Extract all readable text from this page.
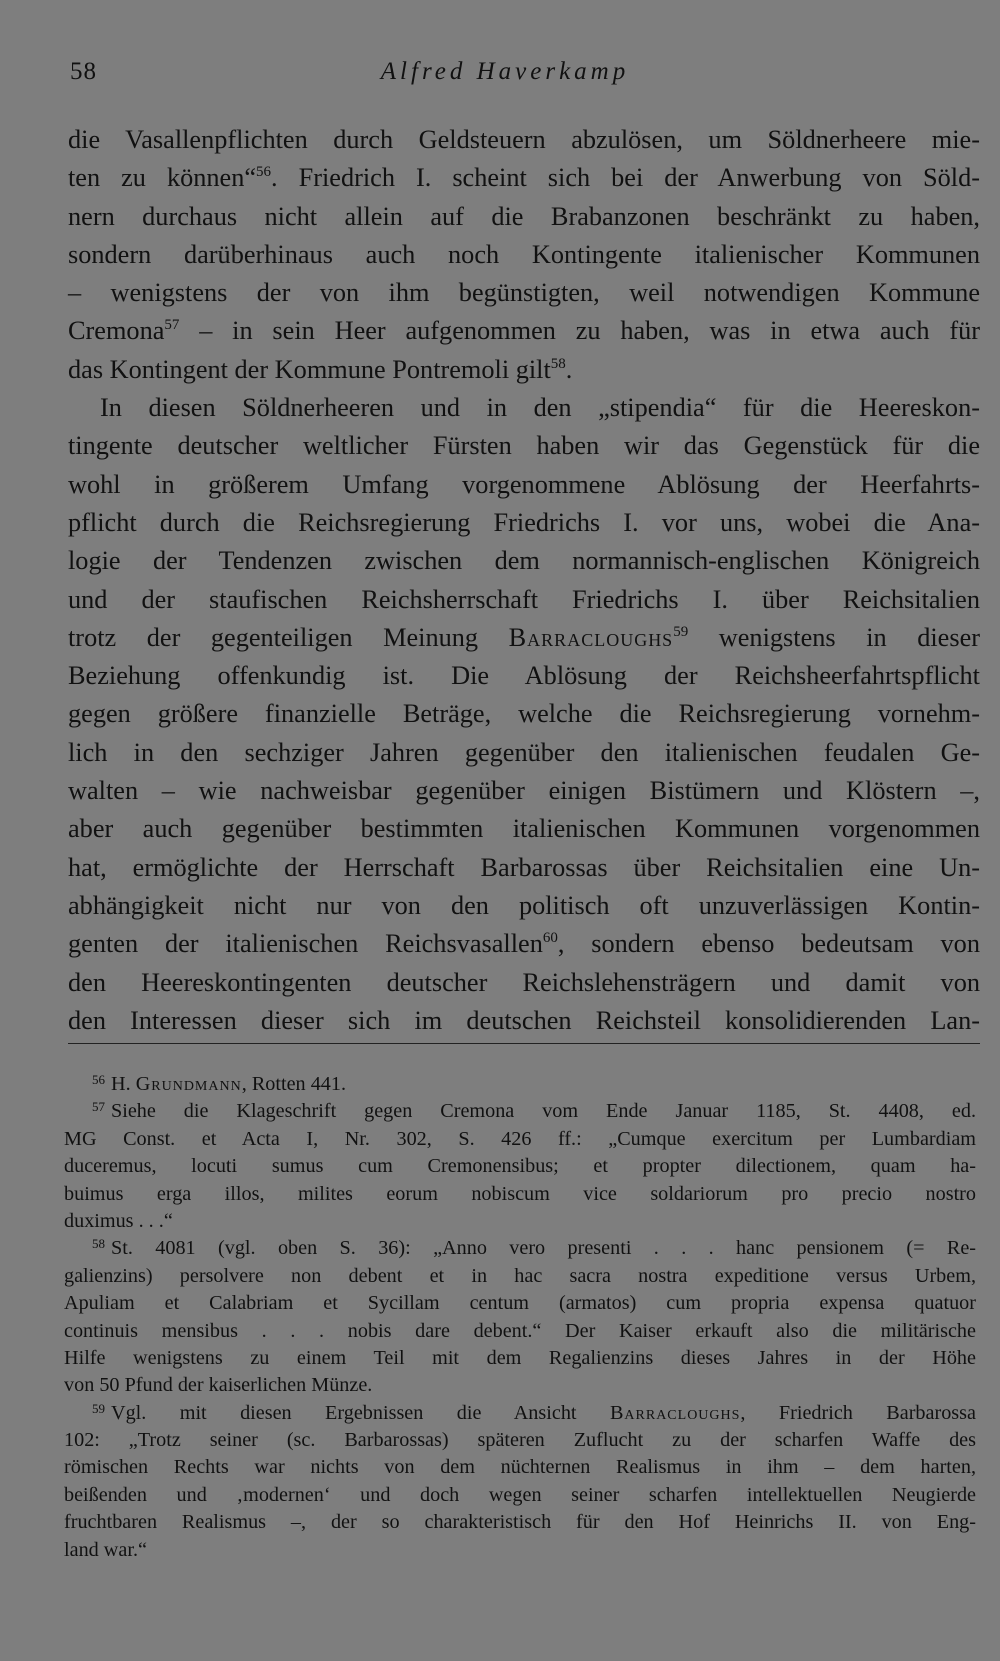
58	Alfred Haverkamp
die Vasallenpflichten durch Geldsteuern abzulösen, um Söldnerheere mie-
ten zu können“$^{56}$. Friedrich I. scheint sich bei der Anwerbung von Söld-
nern durchaus nicht allein auf die Brabanzonen beschränkt zu haben,
sondern darüberhinaus auch noch Kontingente italienischer Kommunen
– wenigstens der von ihm begünstigten, weil notwendigen Kommune
Cremona$^{57}$ – in sein Heer aufgenommen zu haben, was in etwa auch für
das Kontingent der Kommune Pontremoli gilt$^{58}$.
In diesen Söldnerheeren und in den „stipendia“ für die Heereskon-
tingente deutscher weltlicher Fürsten haben wir das Gegenstück für die
wohl in größerem Umfang vorgenommene Ablösung der Heerfahrts-
pflicht durch die Reichsregierung Friedrichs I. vor uns, wobei die Ana-
logie der Tendenzen zwischen dem normannisch-englischen Königreich
und der staufischen Reichsherrschaft Friedrichs I. über Reichsitalien
trotz der gegenteiligen Meinung Barracloughs$^{59}$ wenigstens in dieser
Beziehung offenkundig ist. Die Ablösung der Reichsheerfahrtspflicht
gegen größere finanzielle Beträge, welche die Reichsregierung vornehm-
lich in den sechziger Jahren gegenüber den italienischen feudalen Ge-
walten – wie nachweisbar gegenüber einigen Bistümern und Klöstern –,
aber auch gegenüber bestimmten italienischen Kommunen vorgenommen
hat, ermöglichte der Herrschaft Barbarossas über Reichsitalien eine Un-
abhängigkeit nicht nur von den politisch oft unzuverlässigen Kontin-
genten der italienischen Reichsvasallen$^{60}$, sondern ebenso bedeutsam von
den Heereskontingenten deutscher Reichslehensträgern und damit von
den Interessen dieser sich im deutschen Reichsteil konsolidierenden Lan-
$^{56}$ H. Grundmann, Rotten 441.
$^{57}$ Siehe die Klageschrift gegen Cremona vom Ende Januar 1185, St. 4408, ed.
MG Const. et Acta I, Nr. 302, S. 426 ff.: „Cumque exercitum per Lumbardiam
duceremus, locuti sumus cum Cremonensibus; et propter dilectionem, quam ha-
buimus erga illos, milites eorum nobiscum vice soldariorum pro precio nostro
duximus . . .“
$^{58}$ St. 4081 (vgl. oben S. 36): „Anno vero presenti . . . hanc pensionem (= Re-
galienzins) persolvere non debent et in hac sacra nostra expeditione versus Urbem,
Apuliam et Calabriam et Sycillam centum (armatos) cum propria expensa quatuor
continuis mensibus . . . nobis dare debent.“ Der Kaiser erkauft also die militärische
Hilfe wenigstens zu einem Teil mit dem Regalienzins dieses Jahres in der Höhe
von 50 Pfund der kaiserlichen Münze.
$^{59}$ Vgl. mit diesen Ergebnissen die Ansicht Barracloughs, Friedrich Barbarossa
102: „Trotz seiner (sc. Barbarossas) späteren Zuflucht zu der scharfen Waffe des
römischen Rechts war nichts von dem nüchternen Realismus in ihm – dem harten,
beißenden und ‚modernen‘ und doch wegen seiner scharfen intellektuellen Neugierde
fruchtbaren Realismus –, der so charakteristisch für den Hof Heinrichs II. von Eng-
land war.“
